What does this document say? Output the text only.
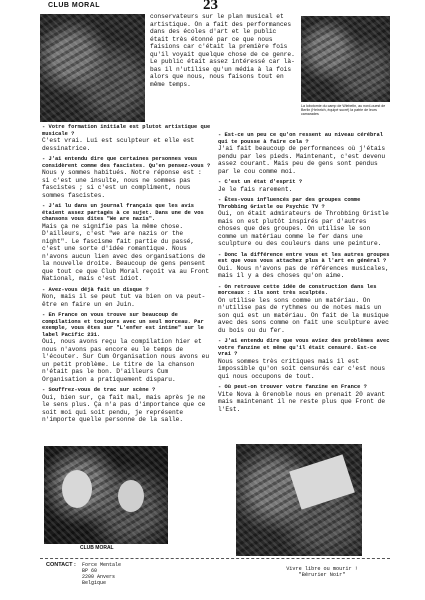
CLUB MORAL	23
conservateurs sur le plan musical et artistique. On a fait des performances dans des écoles d'art et le public était très étonné par ce que nous faisions car c'était la première fois qu'il voyait quelque chose de ce genre. Le public était assez intéressé car là-bas il n'utilise qu'un média à la fois alors que nous, nous faisons tout en même temps.
La lobotomie du camp de Wiebelin, au nord-ouest de Berlin (Heinrich, équipé sucré) la patrie de leurs camarades
- Votre formation initiale est plutot artistique que musicale ?
C'est vrai. Lui est sculpteur et elle est dessinatrice.
- J'ai entendu dire que certaines personnes vous considèrent comme des fascistes. Qu'en pensez-vous ?
Nous y sommes habitués. Notre réponse est : si c'est une insulte, nous ne sommes pas fascistes ; si c'est un compliment, nous sommes fascistes.
- J'ai lu dans un journal français que les avis étaient assez partagés à ce sujet. Dans une de vos chansons vous dites "We are nazis".
Mais ça ne signifie pas la même chose. D'ailleurs, c'est "we are nazis or the night". Le fascisme fait partie du passé, c'est une sorte d'idée romantique. Nous n'avons aucun lien avec des organisations de la nouvelle droite. Beaucoup de gens pensent que tout ce que Club Moral reçoit va au Front National, mais c'est idiot.
- Avez-vous déjà fait un disque ?
Non, mais il se peut tut va bien on va peut-être en faire un en Juin.
- En France on vous trouve sur beaucoup de compilations et toujours avec un seul morceau. Par exemple, vous êtes sur "L'enfer est intime" sur le label Pacific 231.
Oui, nous avons reçu la compilation hier et nous n'avons pas encore eu le temps de l'écouter. Sur Cum Organisation nous avons eu un petit problème. Le titre de la chanson n'était pas le bon. D'ailleurs Cum Organisation a pratiquement disparu.
- Souffrez-vous de trac sur scène ?
Oui, bien sur, ça fait mal, mais après je ne le sens plus. Ça n'a pas d'importance que ce soit moi qui soit pendu, je représente n'importe quelle personne de la salle.
- Est-ce un peu ce qu'on ressent au niveau cérébral qui te pousse à faire cela ?
J'ai fait beaucoup de performances où j'étais pendu par les pieds. Maintenant, c'est devenu assez courant. Mais peu de gens sont pendus par le cou comme moi.
- C'est un état d'esprit ?
Je le fais rarement.
- Êtes-vous influencés par des groupes comme Throbbing Gristle ou Psychic TV ?
Oui, on était admirateurs de Throbbing Gristle mais on est plutôt inspirés par d'autres choses que des groupes. On utilise le son comme un matériau comme le fer dans une sculpture ou des couleurs dans une peinture.
- Donc la différence entre vous et les autres groupes est que vous vous attachez plus à l'art en général ?
Oui. Nous n'avons pas de références musicales, mais il y a des choses qu'on aime.
- On retrouve cette idée de construction dans les morceaux : ils sont très sculptés.
On utilise les sons comme un matériau. On n'utilise pas de rythmes ou de notes mais un son qui est un matériau. On fait de la musique avec des sons comme on fait une sculpture avec du bois ou du fer.
- J'ai entendu dire que vous aviez des problèmes avec votre fanzine et même qu'il était censuré. Est-ce vrai ?
Nous sommes très critiques mais il est impossible qu'on soit censurés car c'est nous qui nous occupons de tout.
- Où peut-on trouver votre fanzine en France ?
Vite Nova à Grenoble nous en prenait 20 avant mais maintenant il ne reste plus que Front de l'Est.
CLUB MORAL
CONTACT : Force Mentale
BP 60
2200 Anvers
Belgique
Vivre libre ou mourir !
"Bérurier Noir"
